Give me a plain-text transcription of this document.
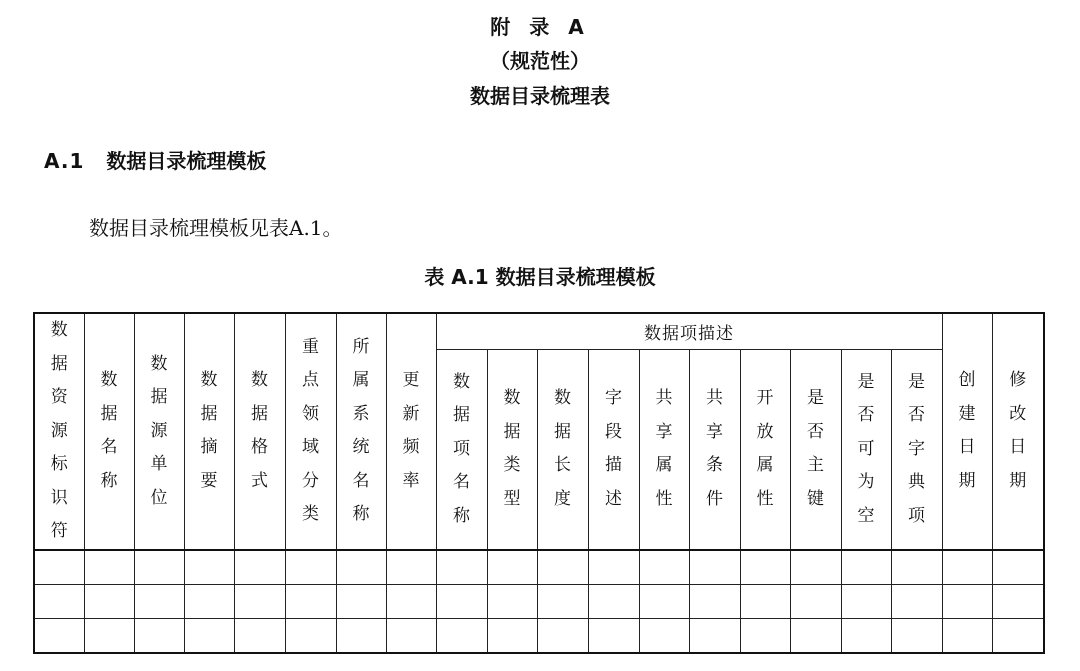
附 录 A
（规范性）
数据目录梳理表
A.1 数据目录梳理模板
数据目录梳理模板见表A.1。
表 A.1 数据目录梳理模板
数据资源标识符	数据名称	数据源单位	数据摘要	数据格式	重点领域分类	所属系统名称	更新频率	数据项描述										创建日期	修改日期
								数据项名称	数据类型	数据长度	字段描述	共享属性	共享条件	开放属性	是否主键	是否可为空	是否字典项		
